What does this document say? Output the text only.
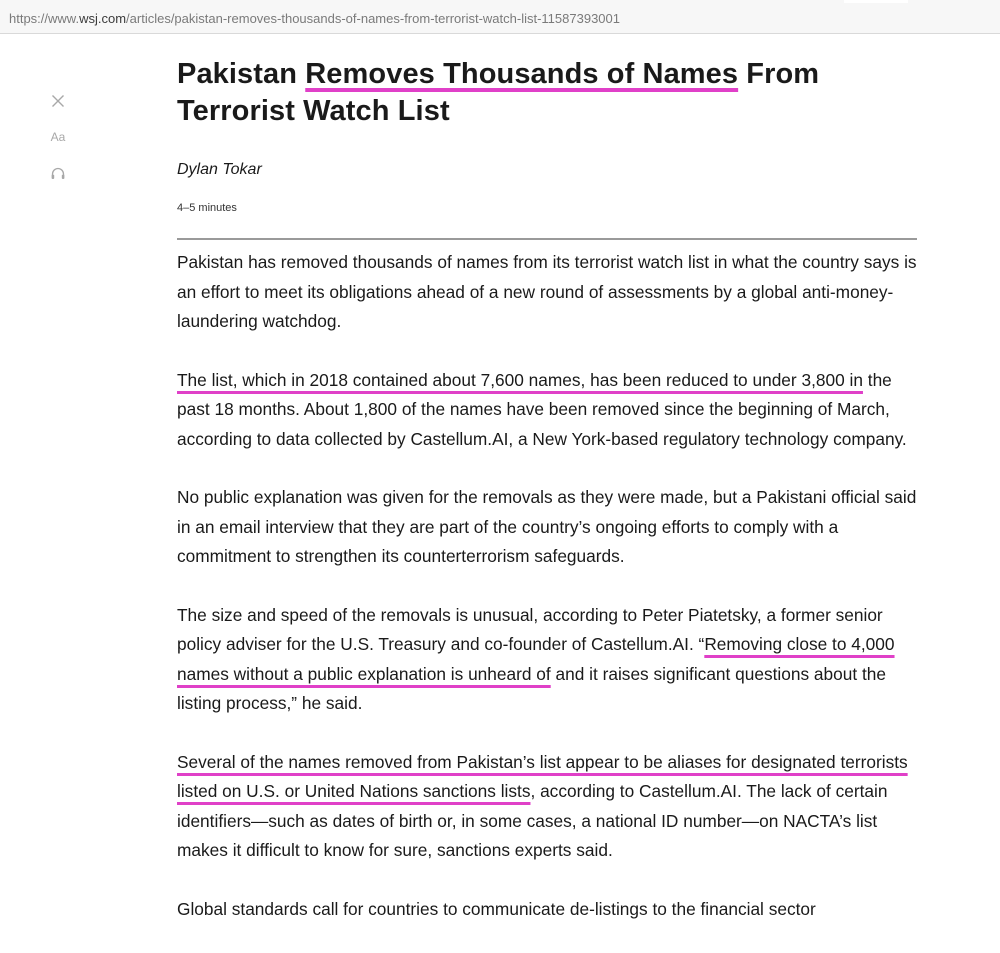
https://www.wsj.com/articles/pakistan-removes-thousands-of-names-from-terrorist-watch-list-11587393001
Aa
Pakistan Removes Thousands of Names From Terrorist Watch List
Dylan Tokar
4–5 minutes

Pakistan has removed thousands of names from its terrorist watch list in what the country says is an effort to meet its obligations ahead of a new round of assessments by a global anti-money-laundering watchdog.

The list, which in 2018 contained about 7,600 names, has been reduced to under 3,800 in the past 18 months. About 1,800 of the names have been removed since the beginning of March, according to data collected by Castellum.AI, a New York-based regulatory technology company.

No public explanation was given for the removals as they were made, but a Pakistani official said in an email interview that they are part of the country’s ongoing efforts to comply with a commitment to strengthen its counterterrorism safeguards.

The size and speed of the removals is unusual, according to Peter Piatetsky, a former senior policy adviser for the U.S. Treasury and co-founder of Castellum.AI. “Removing close to 4,000 names without a public explanation is unheard of and it raises significant questions about the listing process,” he said.

Several of the names removed from Pakistan’s list appear to be aliases for designated terrorists listed on U.S. or United Nations sanctions lists, according to Castellum.AI. The lack of certain identifiers—such as dates of birth or, in some cases, a national ID number—on NACTA’s list makes it difficult to know for sure, sanctions experts said.

Global standards call for countries to communicate de-listings to the financial sector
